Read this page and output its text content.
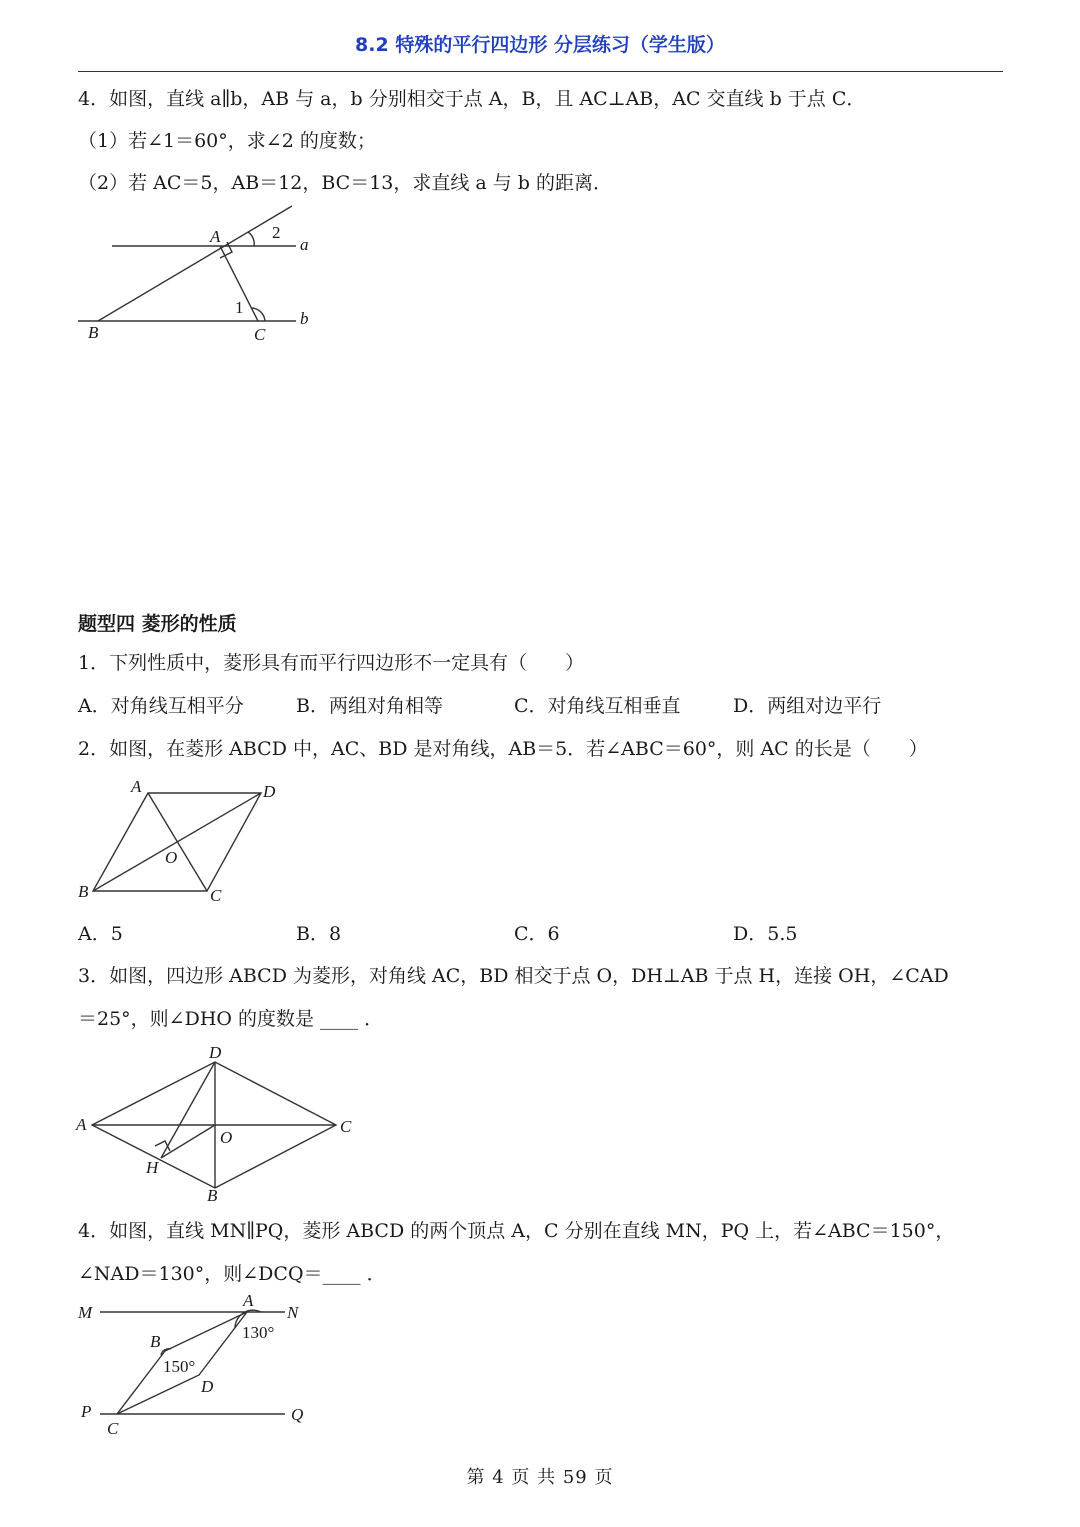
8.2 特殊的平行四边形 分层练习（学生版）
4．如图，直线 a∥b，AB 与 a，b 分别相交于点 A，B，且 AC⊥AB，AC 交直线 b 于点 C．
（1）若∠1＝60°，求∠2 的度数；
（2）若 AC＝5，AB＝12，BC＝13，求直线 a 与 b 的距离．
A	2
a
1
b
B	C
题型四 菱形的性质
1．下列性质中，菱形具有而平行四边形不一定具有（　　）
A．对角线互相平分	B．两组对角相等	C．对角线互相垂直	D．两组对边平行
2．如图，在菱形 ABCD 中，AC、BD 是对角线，AB＝5．若∠ABC＝60°，则 AC 的长是（　　）
A	D
O
B	C
A．5	B．8	C．6	D．5.5
3．如图，四边形 ABCD 为菱形，对角线 AC，BD 相交于点 O，DH⊥AB 于点 H，连接 OH，∠CAD
＝25°，则∠DHO 的度数是 ____ ．
D
A
O
C
H
B
4．如图，直线 MN∥PQ，菱形 ABCD 的两个顶点 A，C 分别在直线 MN，PQ 上，若∠ABC＝150°，
∠NAD＝130°，则∠DCQ＝____ ．
M
A
N
130°
B
150°
D
P	Q
C
第 4 页 共 59 页
